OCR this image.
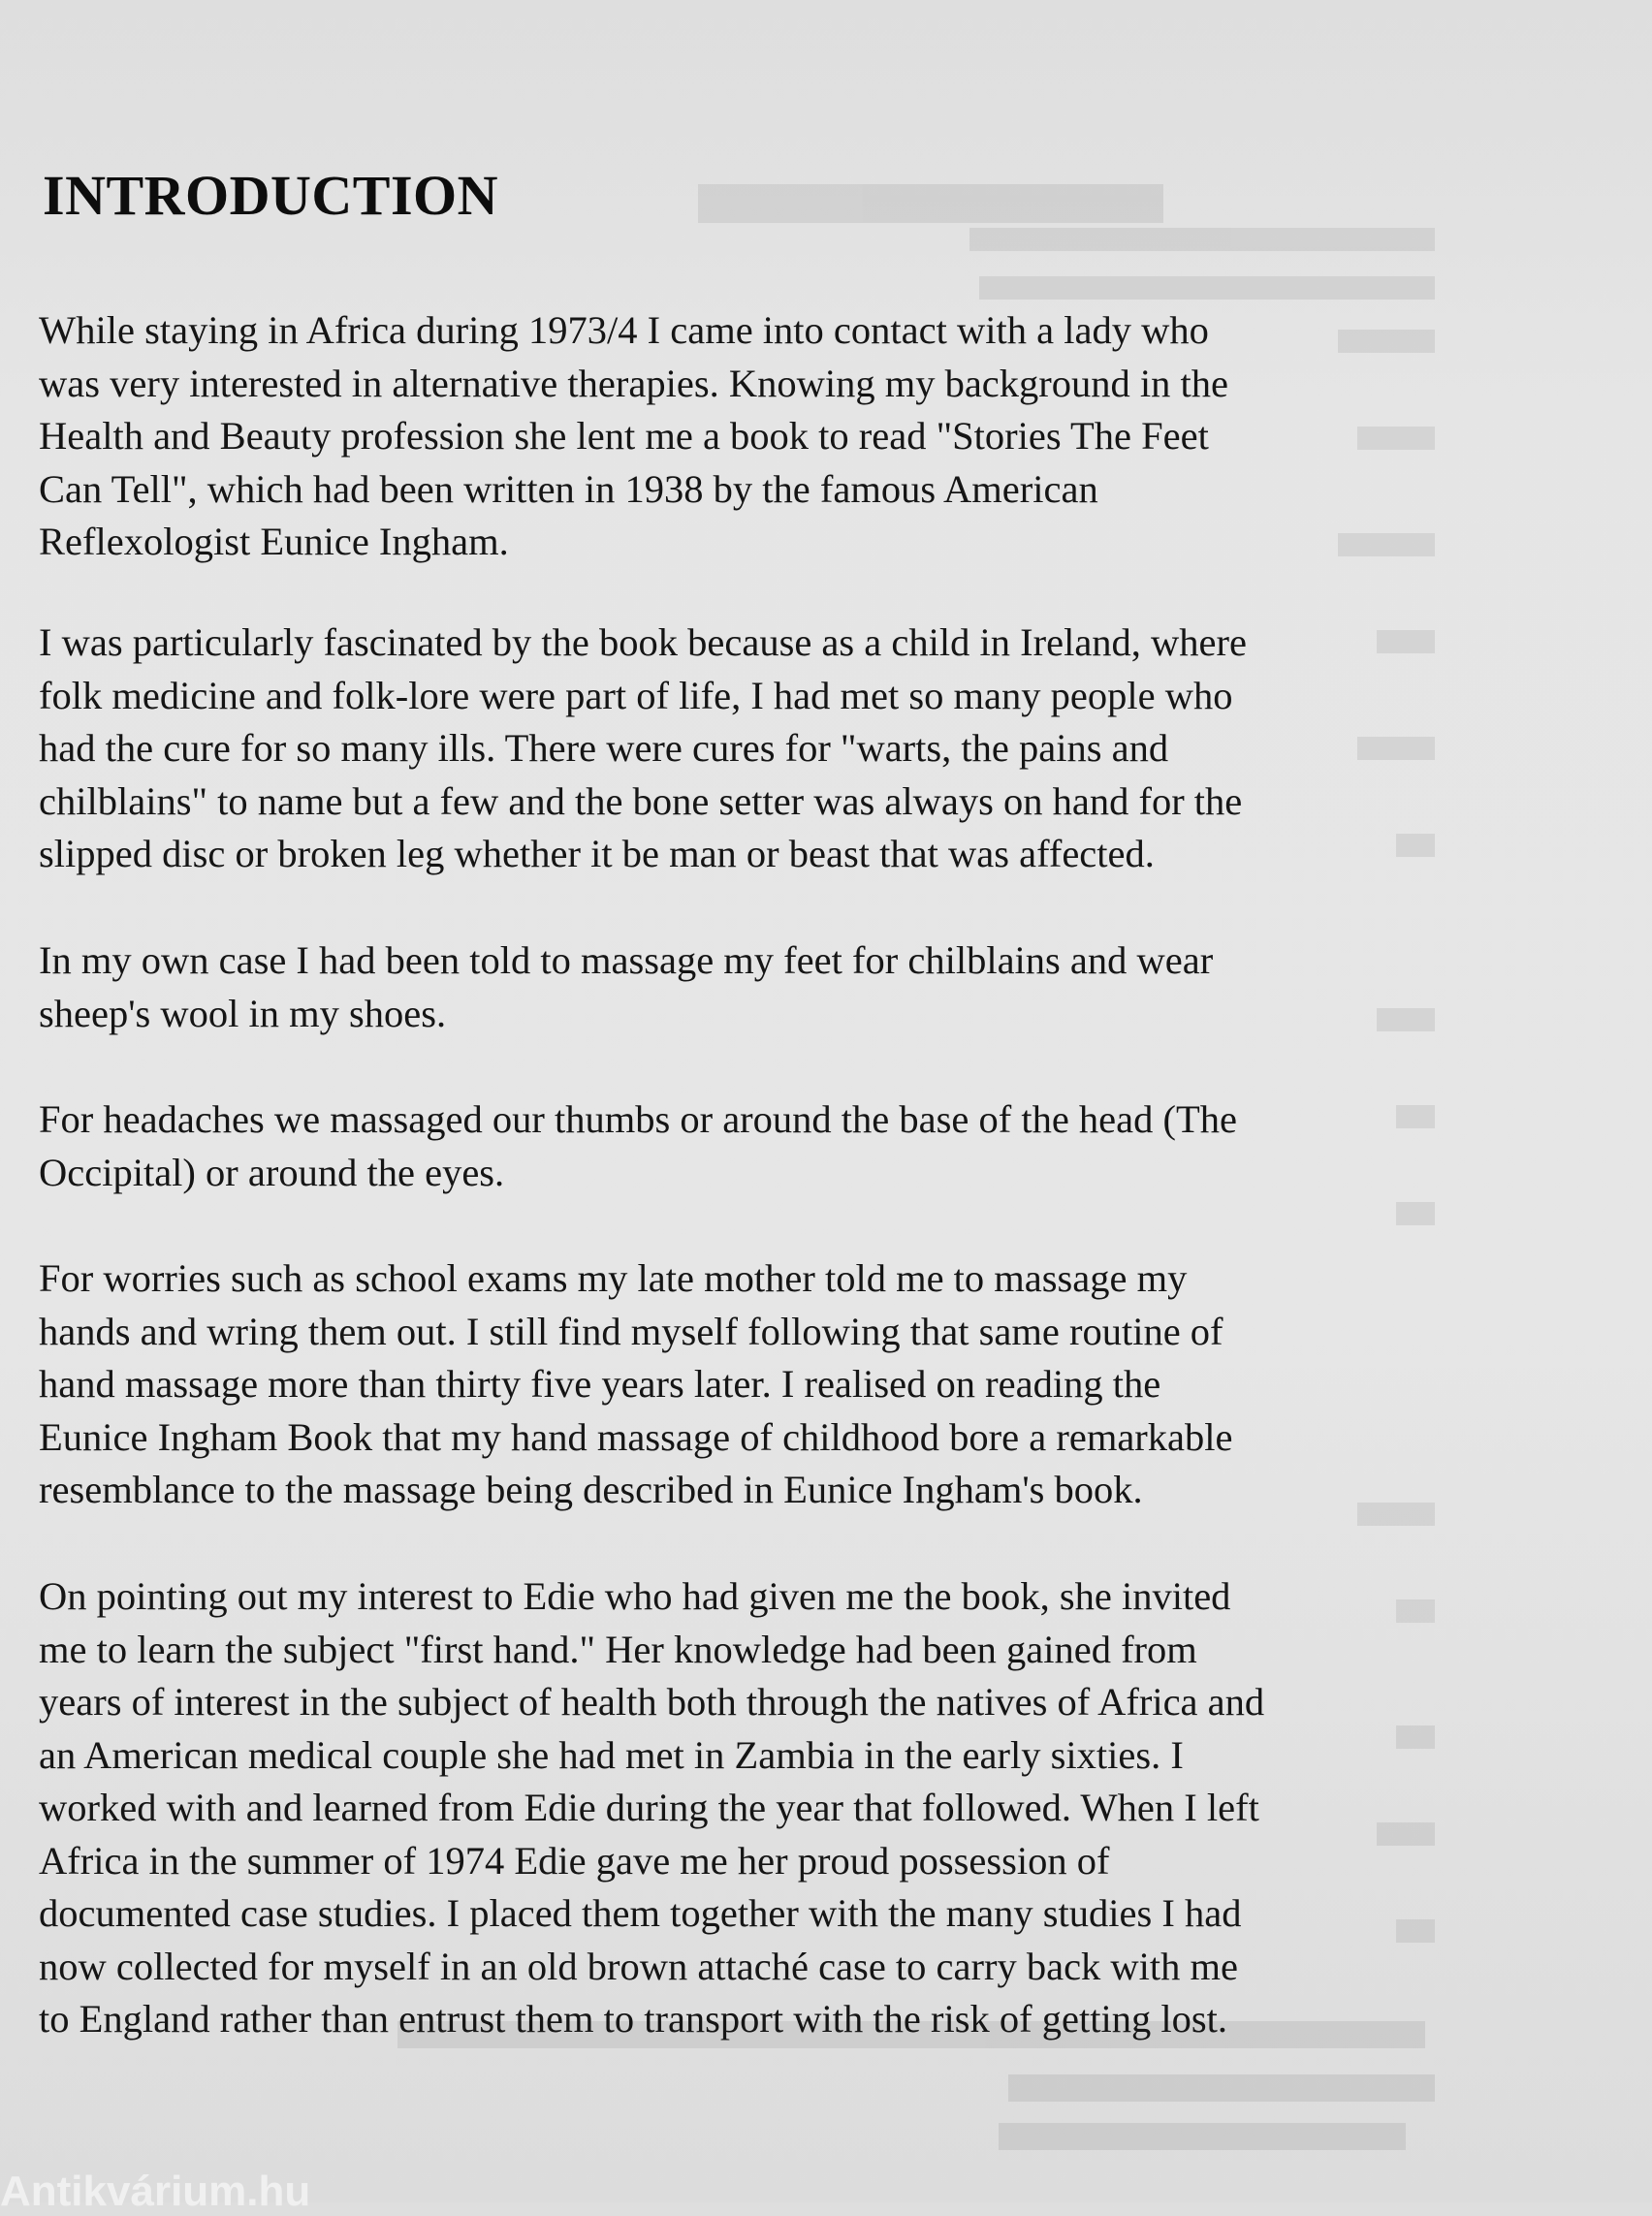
INTRODUCTION

While staying in Africa during 1973/4 I came into contact with a lady who
was very interested in alternative therapies. Knowing my background in the
Health and Beauty profession she lent me a book to read "Stories The Feet
Can Tell", which had been written in 1938 by the famous American
Reflexologist Eunice Ingham.

I was particularly fascinated by the book because as a child in Ireland, where
folk medicine and folk-lore were part of life, I had met so many people who
had the cure for so many ills. There were cures for "warts, the pains and
chilblains" to name but a few and the bone setter was always on hand for the
slipped disc or broken leg whether it be man or beast that was affected.

In my own case I had been told to massage my feet for chilblains and wear
sheep's wool in my shoes.

For headaches we massaged our thumbs or around the base of the head (The
Occipital) or around the eyes.

For worries such as school exams my late mother told me to massage my
hands and wring them out. I still find myself following that same routine of
hand massage more than thirty five years later. I realised on reading the
Eunice Ingham Book that my hand massage of childhood bore a remarkable
resemblance to the massage being described in Eunice Ingham's book.

On pointing out my interest to Edie who had given me the book, she invited
me to learn the subject "first hand." Her knowledge had been gained from
years of interest in the subject of health both through the natives of Africa and
an American medical couple she had met in Zambia in the early sixties. I
worked with and learned from Edie during the year that followed. When I left
Africa in the summer of 1974 Edie gave me her proud possession of
documented case studies. I placed them together with the many studies I had
now collected for myself in an old brown attaché case to carry back with me
to England rather than entrust them to transport with the risk of getting lost.

Antikvárium.hu
